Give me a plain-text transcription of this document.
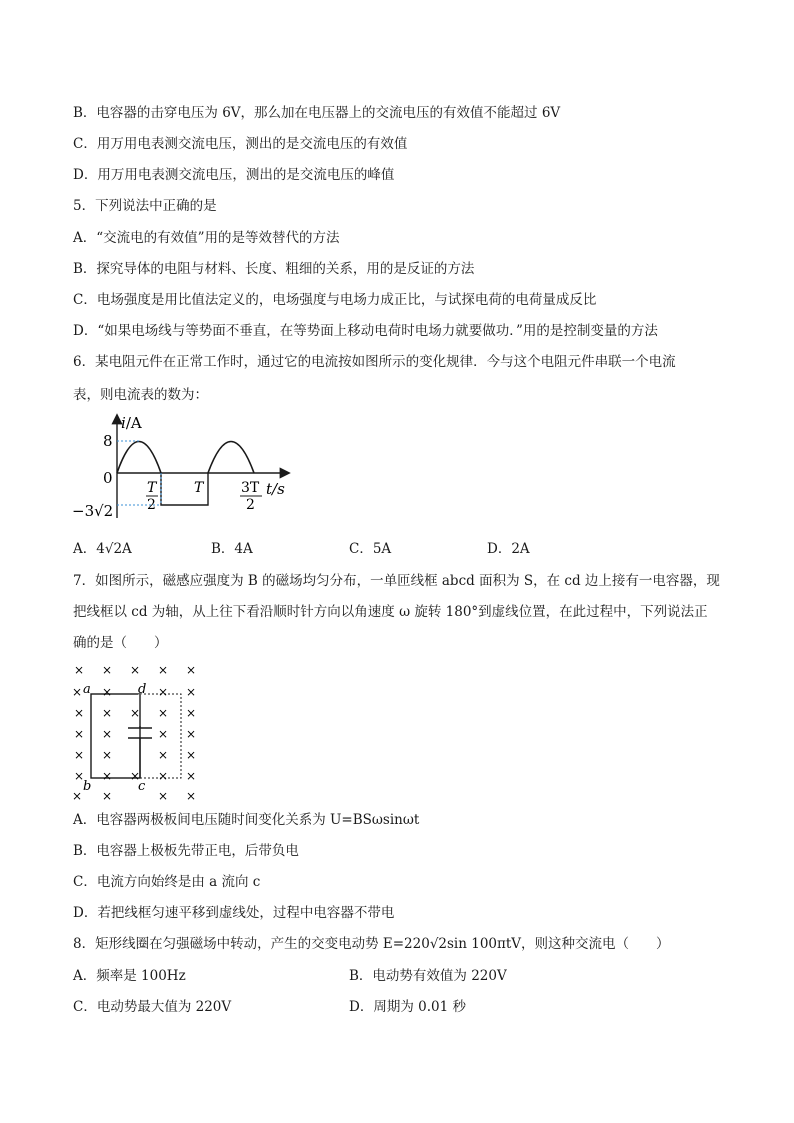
B．电容器的击穿电压为 6V，那么加在电压器上的交流电压的有效值不能超过 6V
C．用万用电表测交流电压，测出的是交流电压的有效值
D．用万用电表测交流电压，测出的是交流电压的峰值
5．下列说法中正确的是
A．“交流电的有效值”用的是等效替代的方法
B．探究导体的电阻与材料、长度、粗细的关系，用的是反证的方法
C．电场强度是用比值法定义的，电场强度与电场力成正比，与试探电荷的电荷量成反比
D．“如果电场线与等势面不垂直，在等势面上移动电荷时电场力就要做功．”用的是控制变量的方法
6．某电阻元件在正常工作时，通过它的电流按如图所示的变化规律．今与这个电阻元件串联一个电流
表，则电流表的数为：
i/A
t/s
8
0
−3√2
T
2
T	3T
2
A．4√2A	B．4A	C．5A	D．2A
7．如图所示，磁感应强度为 B 的磁场均匀分布，一单匝线框 abcd 面积为 S，在 cd 边上接有一电容器，现
把线框以 cd 为轴，从上往下看沿顺时针方向以角速度 ω 旋转 180°到虚线位置，在此过程中，下列说法正
确的是（　　）
× × × × ×
×	× ×
× × × × ×
× ×	× ×
× ×	× ×
× × × × ×
×	× ×
×
×
a	d
b	c
A．电容器两极板间电压随时间变化关系为 U=BSωsinωt
B．电容器上极板先带正电，后带负电
C．电流方向始终是由 a 流向 c
D．若把线框匀速平移到虚线处，过程中电容器不带电
8．矩形线圈在匀强磁场中转动，产生的交变电动势 E=220√2sin 100πtV，则这种交流电（　　）
A．频率是 100Hz	B．电动势有效值为 220V
C．电动势最大值为 220V	D．周期为 0.01 秒
